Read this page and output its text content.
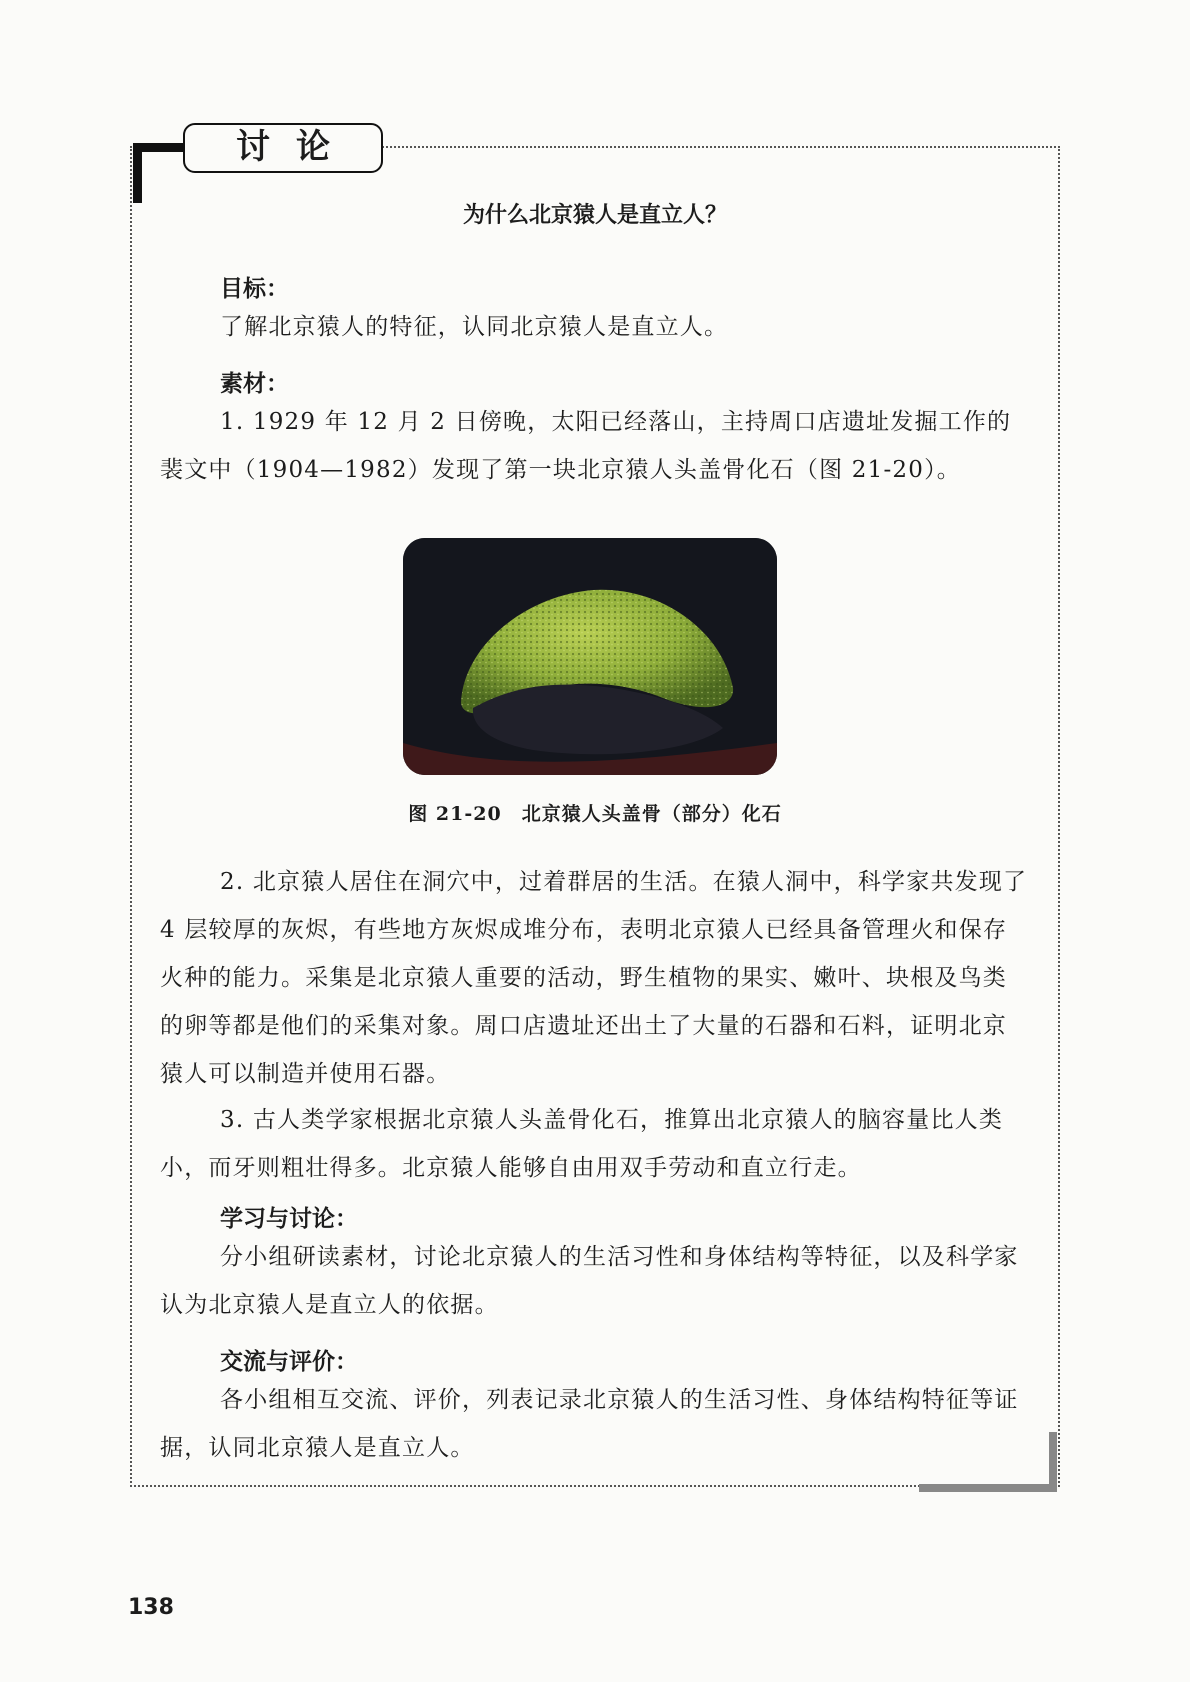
讨论
为什么北京猿人是直立人？
目标：

了解北京猿人的特征，认同北京猿人是直立人。

素材：

1. 1929 年 12 月 2 日傍晚，太阳已经落山，主持周口店遗址发掘工作的裴文中（1904—1982）发现了第一块北京猿人头盖骨化石（图 21-20）。

图 21-20  北京猿人头盖骨（部分）化石

2. 北京猿人居住在洞穴中，过着群居的生活。在猿人洞中，科学家共发现了 4 层较厚的灰烬，有些地方灰烬成堆分布，表明北京猿人已经具备管理火和保存火种的能力。采集是北京猿人重要的活动，野生植物的果实、嫩叶、块根及鸟类的卵等都是他们的采集对象。周口店遗址还出土了大量的石器和石料，证明北京猿人可以制造并使用石器。

3. 古人类学家根据北京猿人头盖骨化石，推算出北京猿人的脑容量比人类小，而牙则粗壮得多。北京猿人能够自由用双手劳动和直立行走。

学习与讨论：

分小组研读素材，讨论北京猿人的生活习性和身体结构等特征，以及科学家认为北京猿人是直立人的依据。

交流与评价：

各小组相互交流、评价，列表记录北京猿人的生活习性、身体结构特征等证据，认同北京猿人是直立人。

138
